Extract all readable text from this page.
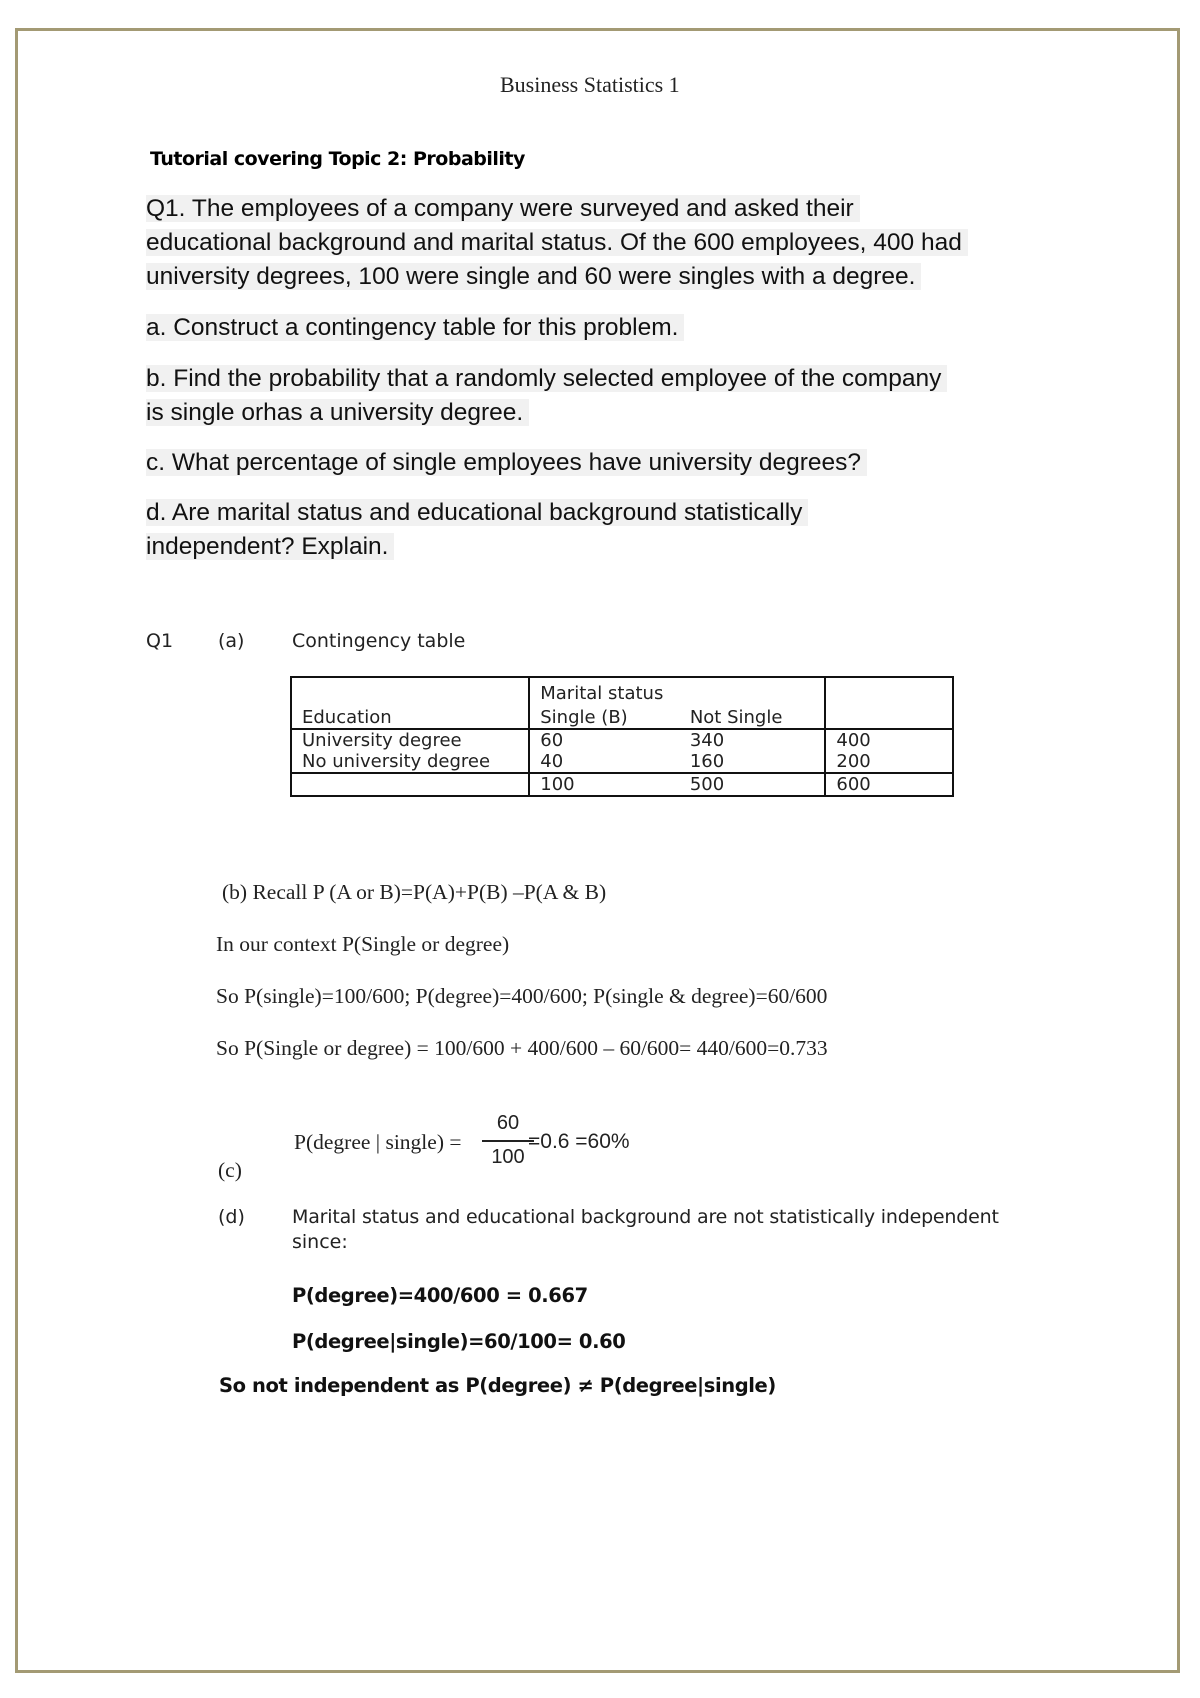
Business Statistics 1
Tutorial covering Topic 2: Probability
Q1. The employees of a company were surveyed and asked their
educational background and marital status. Of the 600 employees, 400 had
university degrees, 100 were single and 60 were singles with a degree.
a. Construct a contingency table for this problem.
b. Find the probability that a randomly selected employee of the company
is single orhas a university degree.
c. What percentage of single employees have university degrees?
d. Are marital status and educational background statistically
independent? Explain.
Q1 (a)	Contingency table
Education	Marital status		
	Single (B)	Not Single	
University degree	60	340	400
No university degree	40	160	200
	100	500	600
(b) Recall P (A or B)=P(A)+P(B) –P(A & B)
In our context P(Single or degree)
So P(single)=100/600; P(degree)=400/600; P(single & degree)=60/600
So P(Single or degree) = 100/600 + 400/600 – 60/600= 440/600=0.733
(c)
P(degree | single) =
60
100
=0.6 =60%
(d) Marital status and educational background are not statistically independent
since:
P(degree)=400/600 = 0.667
P(degree|single)=60/100= 0.60
So not independent as P(degree) ≠ P(degree|single)
